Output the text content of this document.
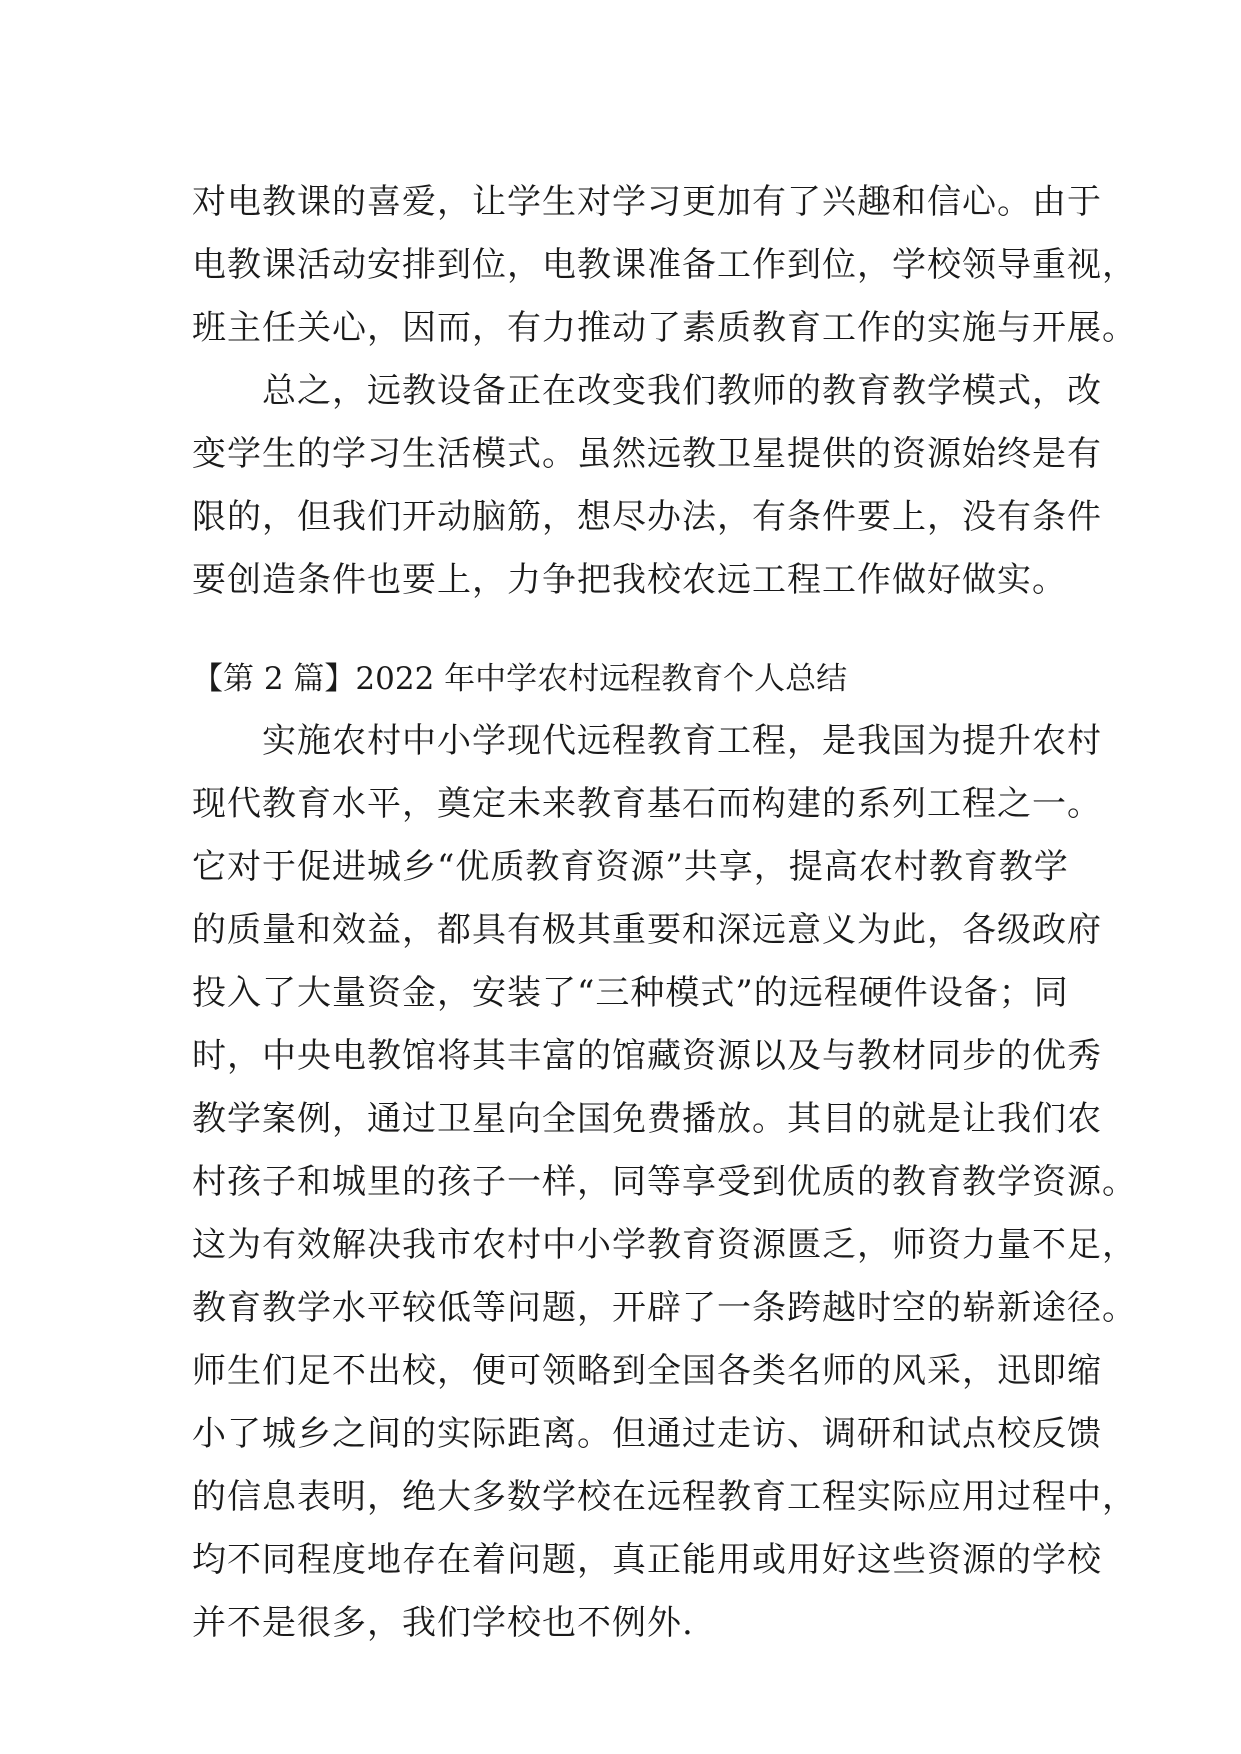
对电教课的喜爱，让学生对学习更加有了兴趣和信心。由于

电教课活动安排到位，电教课准备工作到位，学校领导重视，

班主任关心，因而，有力推动了素质教育工作的实施与开展。

　　总之，远教设备正在改变我们教师的教育教学模式，改

变学生的学习生活模式。虽然远教卫星提供的资源始终是有

限的，但我们开动脑筋，想尽办法，有条件要上，没有条件

要创造条件也要上，力争把我校农远工程工作做好做实。

【第 2 篇】2022 年中学农村远程教育个人总结

　　实施农村中小学现代远程教育工程，是我国为提升农村

现代教育水平，奠定未来教育基石而构建的系列工程之一。

它对于促进城乡“优质教育资源”共享，提高农村教育教学

的质量和效益，都具有极其重要和深远意义为此，各级政府

投入了大量资金，安装了“三种模式”的远程硬件设备；同

时，中央电教馆将其丰富的馆藏资源以及与教材同步的优秀

教学案例，通过卫星向全国免费播放。其目的就是让我们农

村孩子和城里的孩子一样，同等享受到优质的教育教学资源。

这为有效解决我市农村中小学教育资源匮乏，师资力量不足，

教育教学水平较低等问题，开辟了一条跨越时空的崭新途径。

师生们足不出校，便可领略到全国各类名师的风采，迅即缩

小了城乡之间的实际距离。但通过走访、调研和试点校反馈

的信息表明，绝大多数学校在远程教育工程实际应用过程中，

均不同程度地存在着问题，真正能用或用好这些资源的学校

并不是很多，我们学校也不例外.
